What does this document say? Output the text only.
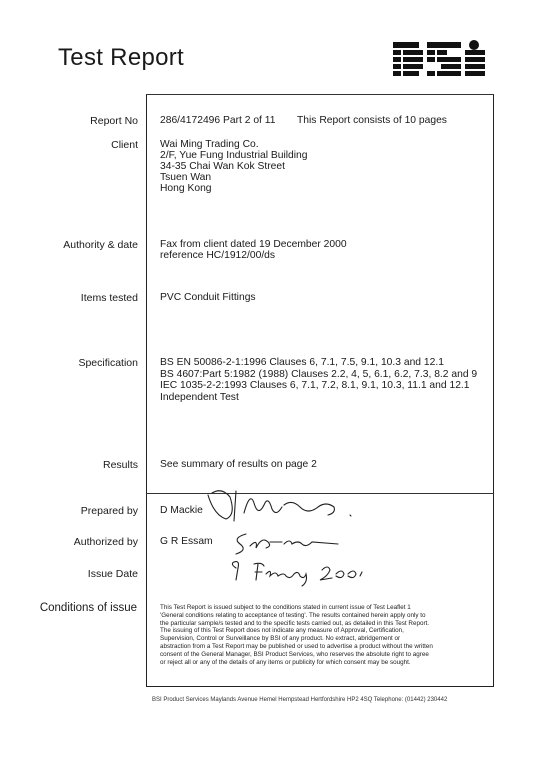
Test Report
Report No 286/4172496 Part 2 of 11 This Report consists of 10 pages
Client Wai Ming Trading Co.
2/F, Yue Fung Industrial Building
34-35 Chai Wan Kok Street
Tsuen Wan
Hong Kong
Authority & date Fax from client dated 19 December 2000
reference HC/1912/00/ds
Items tested PVC Conduit Fittings
Specification BS EN 50086-2-1:1996 Clauses 6, 7.1, 7.5, 9.1, 10.3 and 12.1
BS 4607:Part 5:1982 (1988) Clauses 2.2, 4, 5, 6.1, 6.2, 7.3, 8.2 and 9
IEC 1035-2-2:1993 Clauses 6, 7.1, 7.2, 8.1, 9.1, 10.3, 11.1 and 12.1
Independent Test
Results See summary of results on page 2
Prepared by D Mackie
Authorized by G R Essam
Issue Date
Conditions of issue	This Test Report is issued subject to the conditions stated in current issue of Test Leaflet 1
'General conditions relating to acceptance of testing'. The results contained herein apply only to
the particular sample/s tested and to the specific tests carried out, as detailed in this Test Report.
The issuing of this Test Report does not indicate any measure of Approval, Certification,
Supervision, Control or Surveillance by BSI of any product. No extract, abridgement or
abstraction from a Test Report may be published or used to advertise a product without the written
consent of the General Manager, BSI Product Services, who reserves the absolute right to agree
or reject all or any of the details of any items or publicity for which consent may be sought.
BSI Product Services Maylands Avenue Hemel Hempstead Hertfordshire HP2 4SQ Telephone: (01442) 230442
